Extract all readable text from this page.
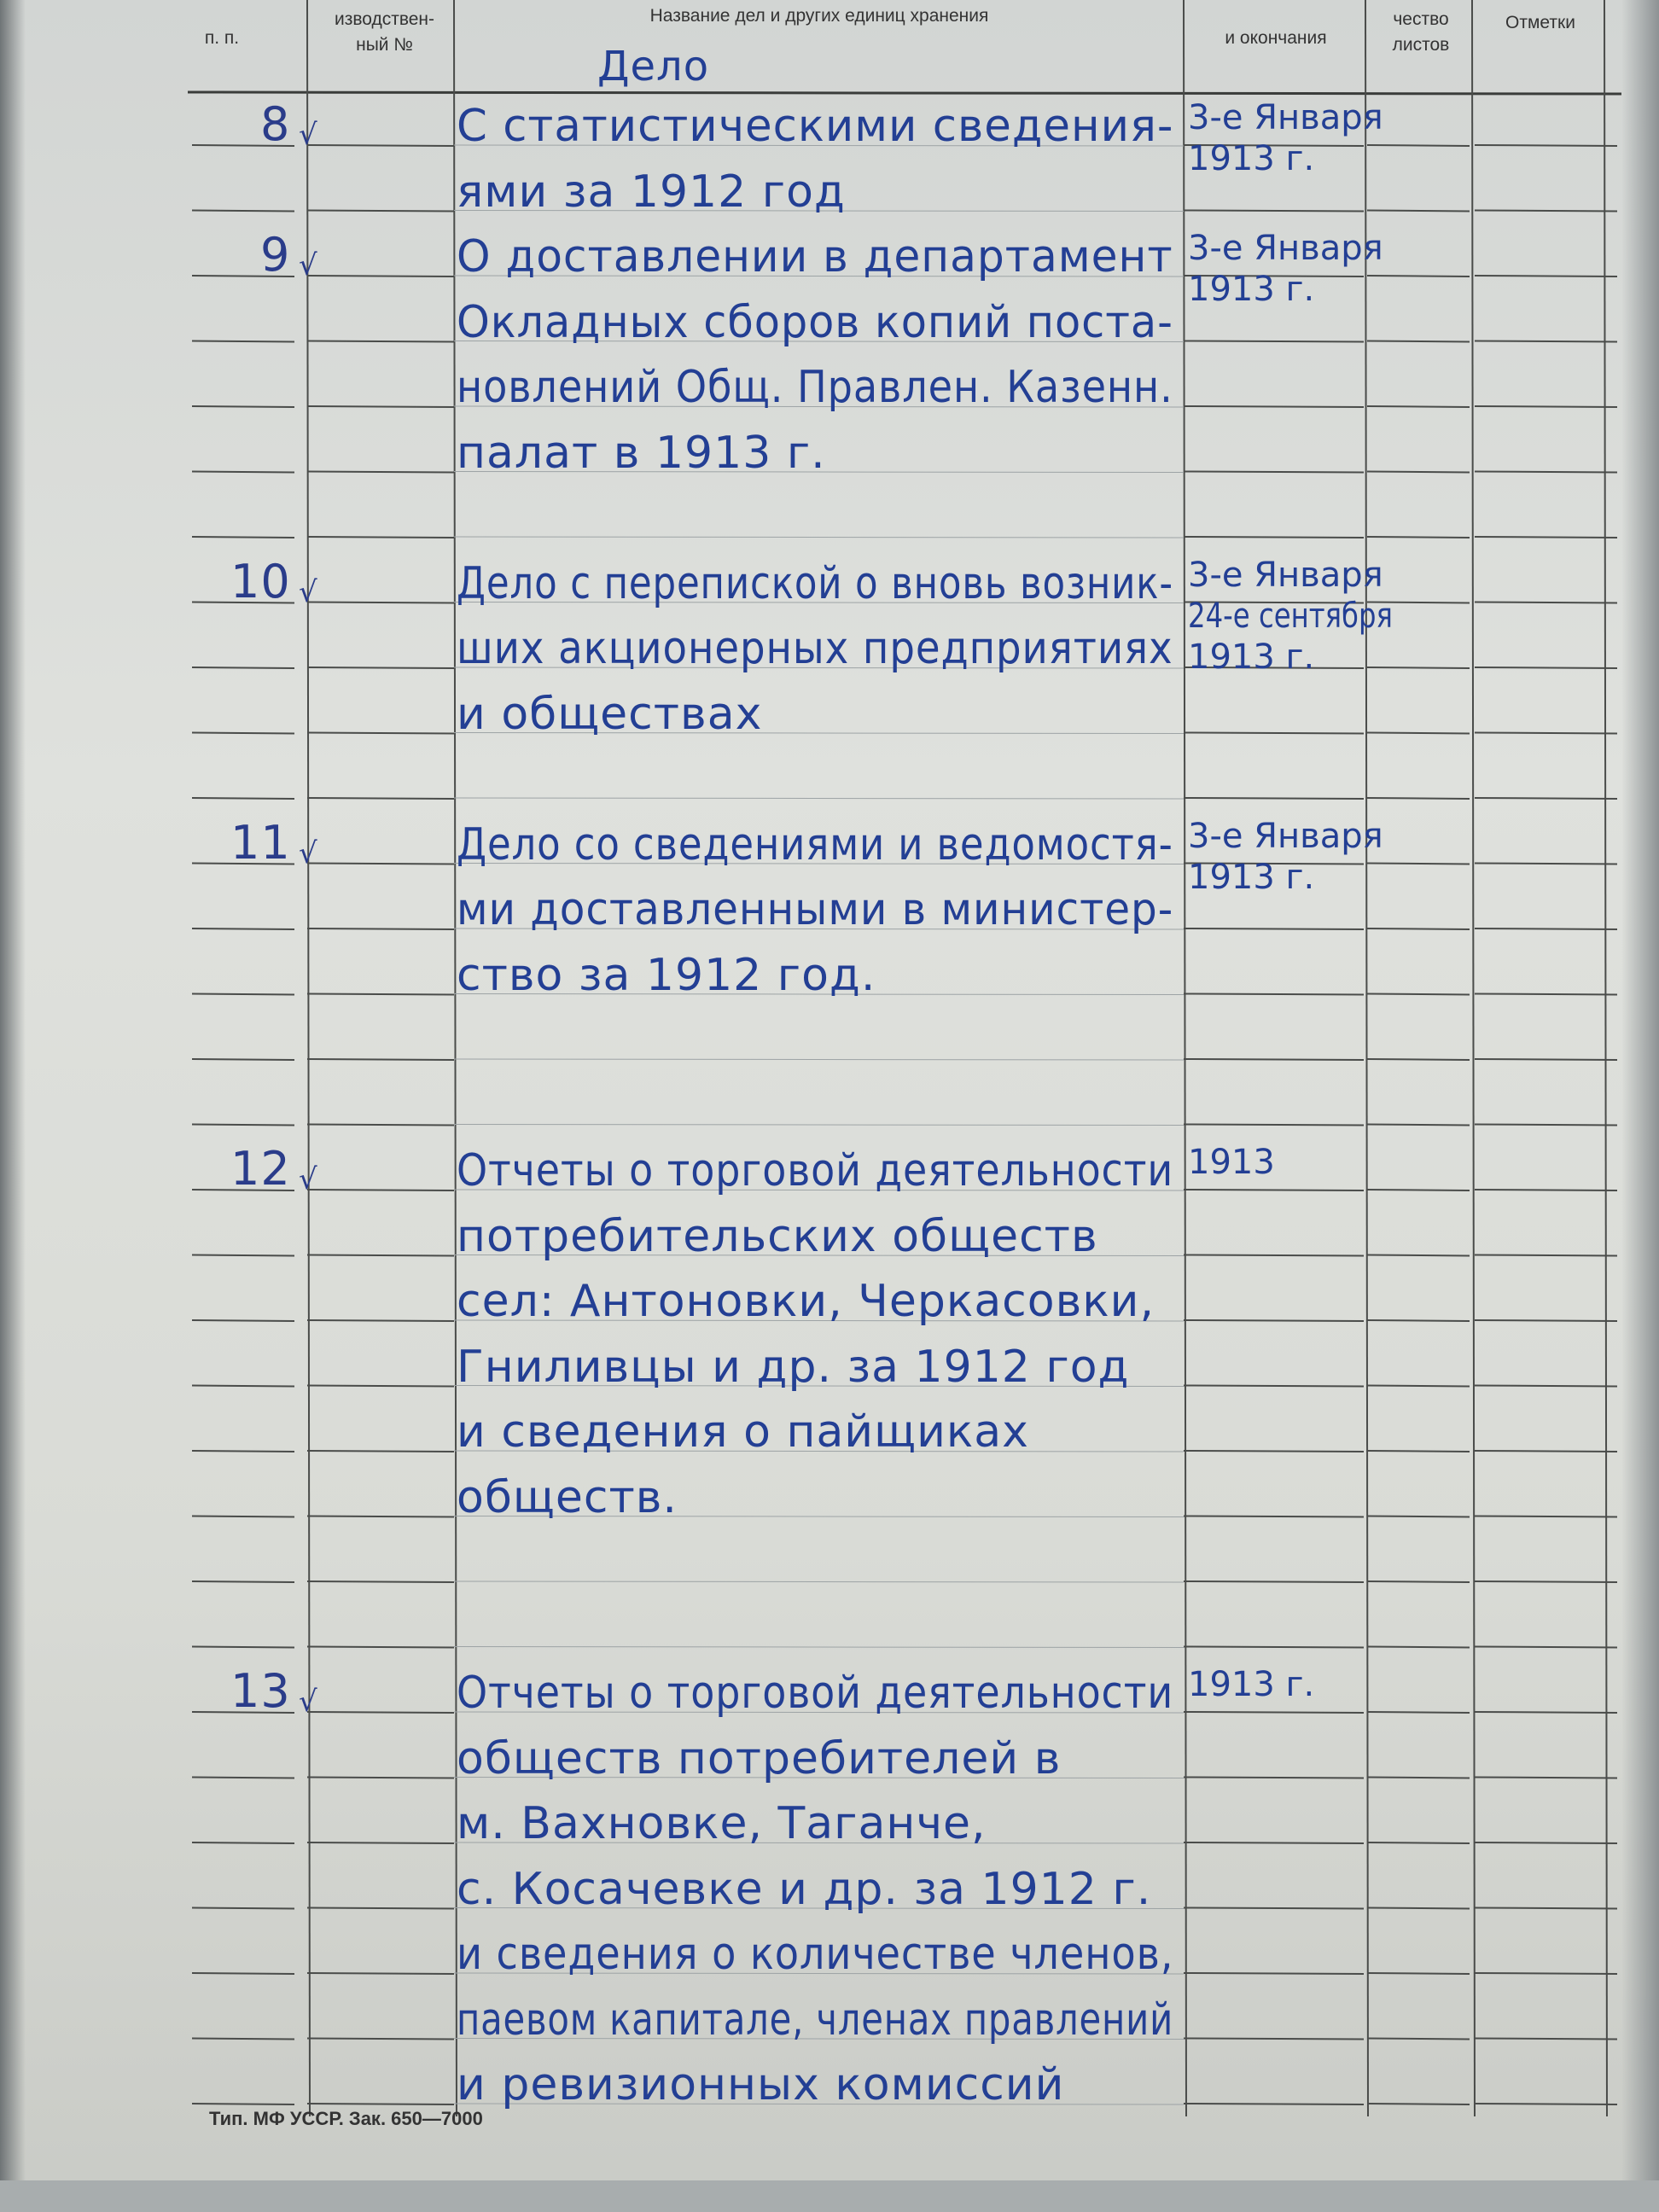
п. п.
изводствен-
ный №
Название дел и других единиц хранения
Дело
и окончания
чество
листов
Отметки
8 √	С статистическими сведения-
ями за 1912 год
3-е Января
1913 г.
9 √	О доставлении в департамент
Окладных сборов копий поста-
новлений Общ. Правлен. Казенн.
палат в 1913 г.
3-е Января
1913 г.
10 √	Дело с перепиской о вновь возник-
ших акционерных предприятиях
и обществах
3-е Января
24-е сентября
1913 г.
11 √	Дело со сведениями и ведомостя-
ми доставленными в министер-
ство за 1912 год.
3-е Января
1913 г.
12 √	Отчеты о торговой деятельности
потребительских обществ
сел: Антоновки, Черкасовки,
Гниливцы и др. за 1912 год
и сведения о пайщиках
обществ.
1913
13 √	Отчеты о торговой деятельности
обществ потребителей в
м. Вахновке, Таганче,
с. Косачевке и др. за 1912 г.
и сведения о количестве членов,
паевом капитале, членах правлений
и ревизионных комиссий
1913 г.
Тип. МФ УССР. Зак. 650—7000
